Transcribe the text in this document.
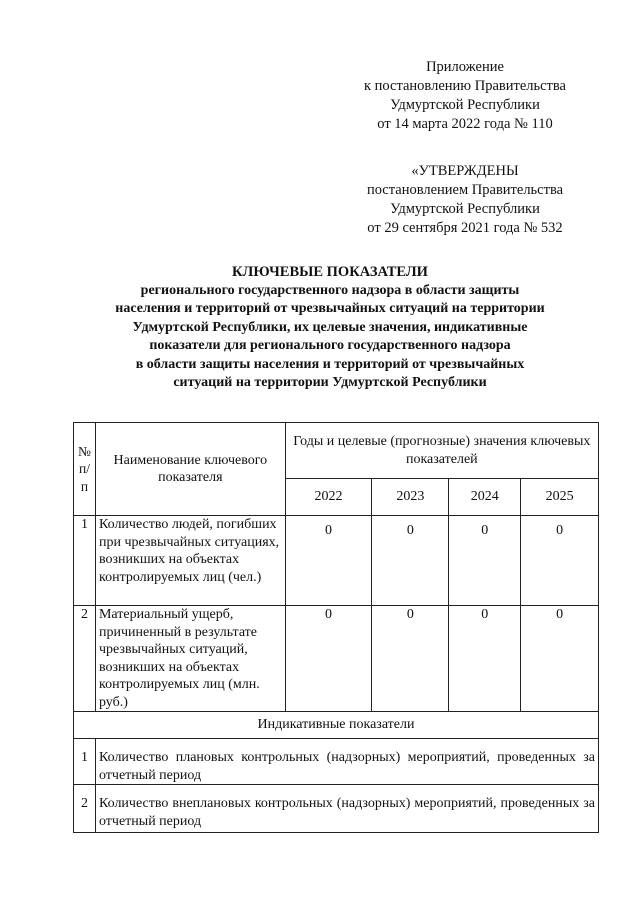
Приложение
к постановлению Правительства
Удмуртской Республики
от 14 марта 2022 года № 110
«УТВЕРЖДЕНЫ
постановлением Правительства
Удмуртской Республики
от 29 сентября 2021 года № 532
КЛЮЧЕВЫЕ ПОКАЗАТЕЛИ
регионального государственного надзора в области защиты
населения и территорий от чрезвычайных ситуаций на территории
Удмуртской Республики, их целевые значения, индикативные
показатели для регионального государственного надзора
в области защиты населения и территорий от чрезвычайных
ситуаций на территории Удмуртской Республики
№ п/п	Наименование ключевого показателя	Годы и целевые (прогнозные) значения ключевых показателей			
		2022	2023	2024	2025
1	Количество людей, погибших при чрезвычайных ситуациях, возникших на объектах контролируемых лиц (чел.)	0	0	0	0
2	Материальный ущерб, причиненный в результате чрезвычайных ситуаций, возникших на объектах контролируемых лиц (млн. руб.)	0	0	0	0
Индикативные показатели					
1	Количество плановых контрольных (надзорных) мероприятий, проведенных за отчетный период				
2	Количество внеплановых контрольных (надзорных) мероприятий, проведенных за отчетный период				
